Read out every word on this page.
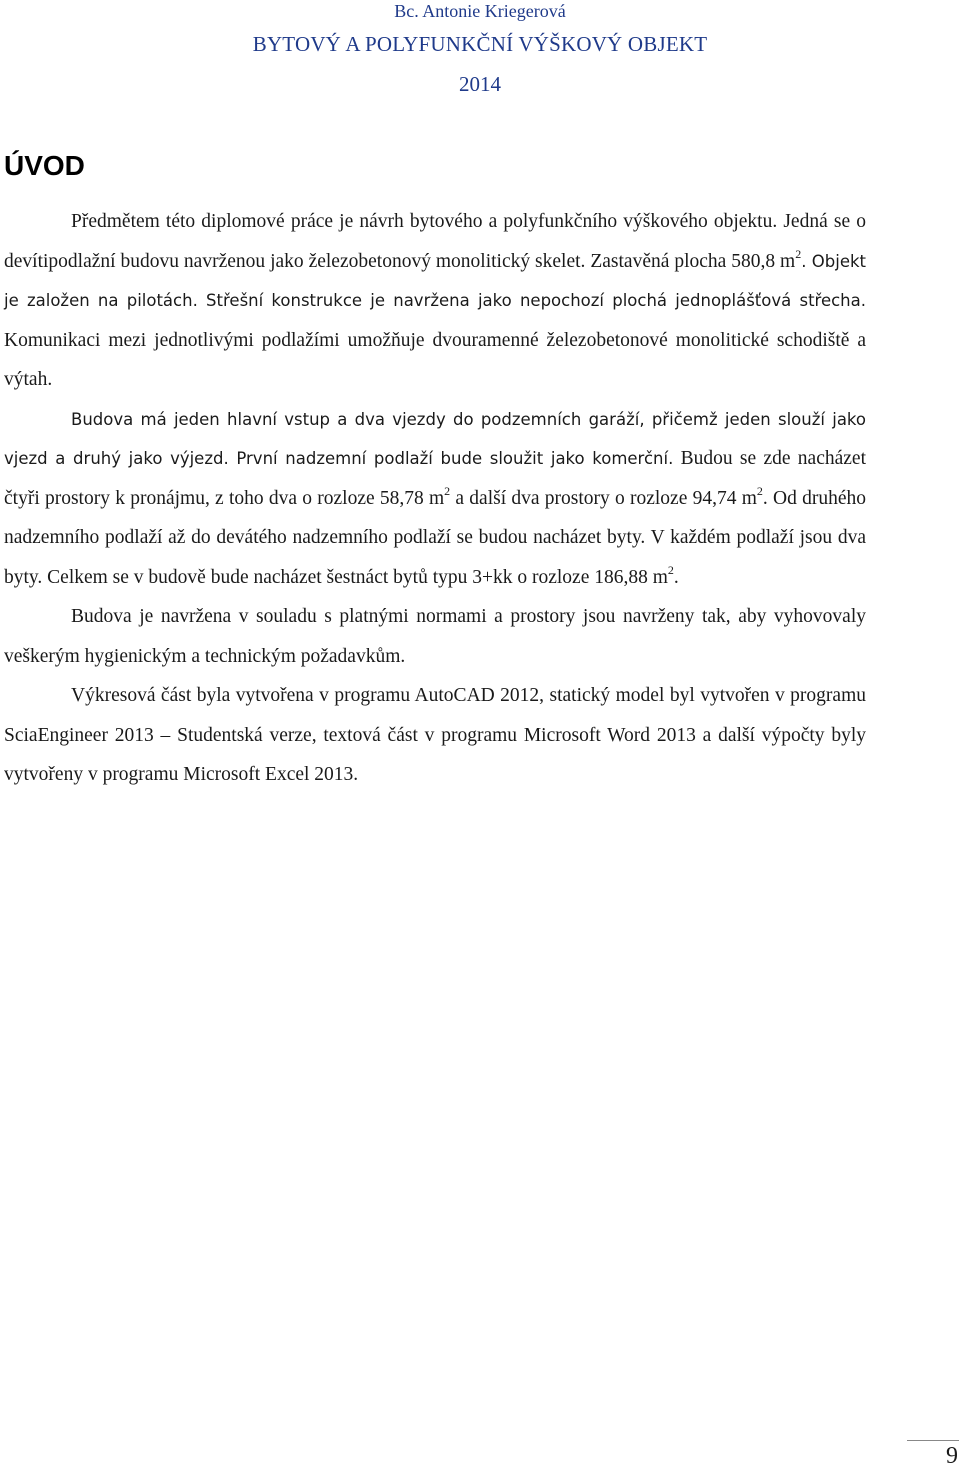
Bc. Antonie Kriegerová
BYTOVÝ A POLYFUNKČNÍ VÝŠKOVÝ OBJEKT
2014
ÚVOD

Předmětem této diplomové práce je návrh bytového a polyfunkčního výškového objektu. Jedná se o devítipodlažní budovu navrženou jako železobetonový monolitický skelet. Zastavěná plocha 580,8 $m^2$. Objekt je založen na pilotách. Střešní konstrukce je navržena jako nepochozí plochá jednoplášťová střecha. Komunikaci mezi jednotlivými podlažími umožňuje dvouramenné železobetonové monolitické schodiště a výtah.

Budova má jeden hlavní vstup a dva vjezdy do podzemních garáží, přičemž jeden slouží jako vjezd a druhý jako výjezd. První nadzemní podlaží bude sloužit jako komerční. Budou se zde nacházet čtyři prostory k pronájmu, z toho dva o rozloze 58,78 $m^2$ a další dva prostory o rozloze 94,74 $m^2$. Od druhého nadzemního podlaží až do devátého nadzemního podlaží se budou nacházet byty. V každém podlaží jsou dva byty. Celkem se v budově bude nacházet šestnáct bytů typu 3+kk o rozloze 186,88 $m^2$.

Budova je navržena v souladu s platnými normami a prostory jsou navrženy tak, aby vyhovovaly veškerým hygienickým a technickým požadavkům.

Výkresová část byla vytvořena v programu AutoCAD 2012, statický model byl vytvořen v programu SciaEngineer 2013 – Studentská verze, textová část v programu Microsoft Word 2013 a další výpočty byly vytvořeny v programu Microsoft Excel 2013.

9
